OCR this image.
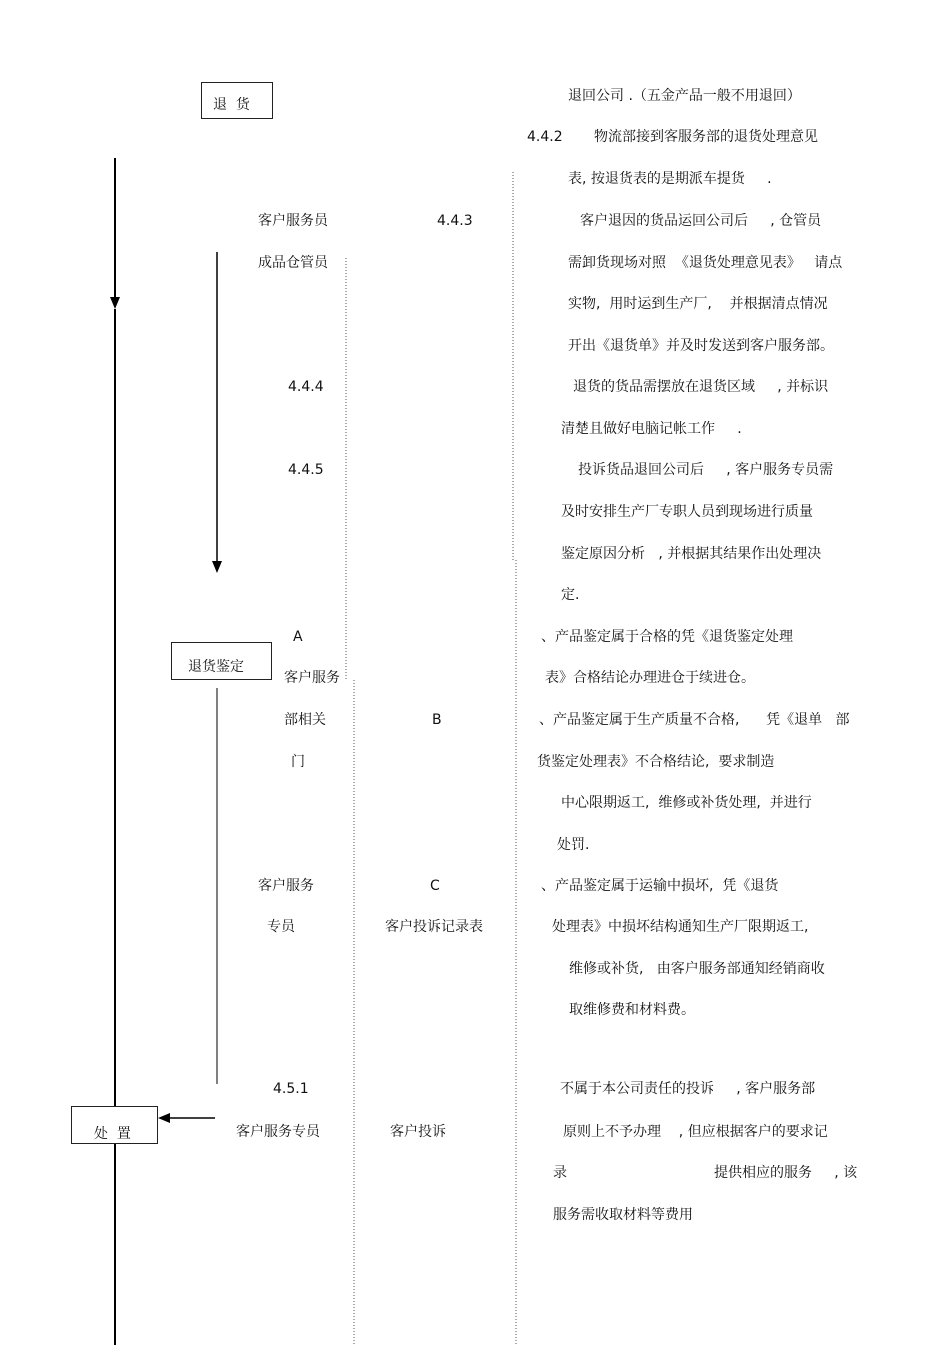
退  货
退货鉴定
处  置
客户服务员
成品仓管员
4.4.4
4.4.5
客户服务
部相关
门
客户服务
专员
4.5.1
客户服务专员
4.4.3
A
B
C
客户投诉记录表
客户投诉
退回公司 .（五金产品一般不用退回）
4.4.2 物流部接到客服务部的退货处理意见
表, 按退货表的是期派车提货     .
客户退因的货品运回公司后     , 仓管员
需卸货现场对照  《退货处理意见表》   请点
实物,  用时运到生产厂,    并根据清点情况
开出《退货单》并及时发送到客户服务部。
退货的货品需摆放在退货区域     , 并标识
清楚且做好电脑记帐工作     .
投诉货品退回公司后     , 客户服务专员需
及时安排生产厂专职人员到现场进行质量
鉴定原因分析   , 并根据其结果作出处理决
定.
、产品鉴定属于合格的凭《退货鉴定处理
表》合格结论办理进仓于续进仓。
、产品鉴定属于生产质量不合格,      凭《退单   部
货鉴定处理表》不合格结论,  要求制造
中心限期返工,  维修或补货处理,  并进行
处罚.
、产品鉴定属于运输中损坏,  凭《退货
处理表》中损坏结构通知生产厂限期返工,
维修或补货,   由客户服务部通知经销商收
取维修费和材料费。
不属于本公司责任的投诉     , 客户服务部
原则上不予办理    , 但应根据客户的要求记
录	提供相应的服务     , 该
服务需收取材料等费用
